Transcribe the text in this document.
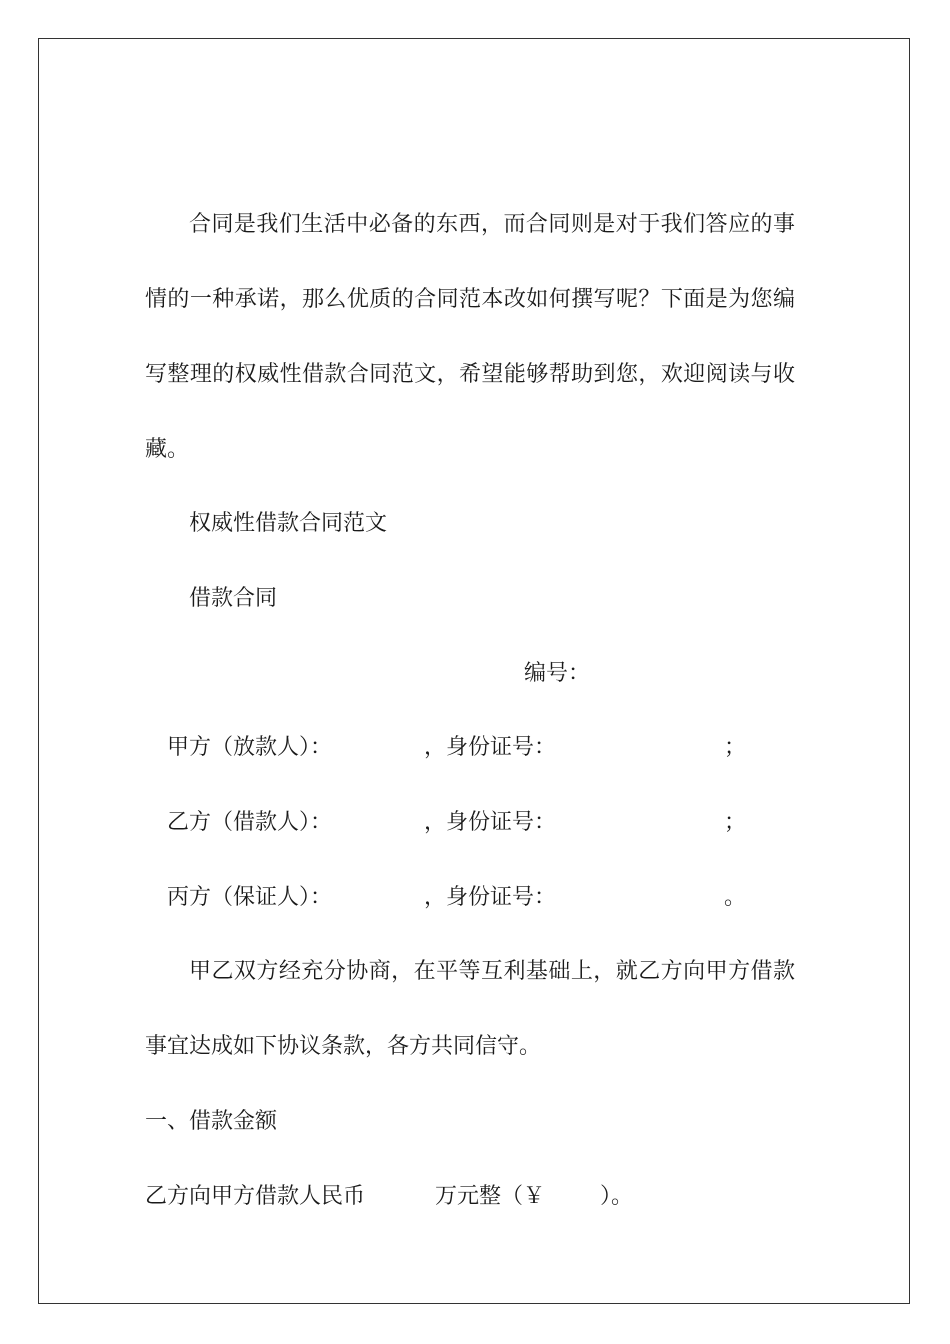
合同是我们生活中必备的东西，而合同则是对于我们答应的事
情的一种承诺，那么优质的合同范本改如何撰写呢？下面是为您编
写整理的权威性借款合同范文，希望能够帮助到您，欢迎阅读与收
藏。
权威性借款合同范文
借款合同
编号：
甲方（放款人）：	，身份证号：	；
乙方（借款人）：	，身份证号：	；
丙方（保证人）：	，身份证号：	。
甲乙双方经充分协商，在平等互利基础上，就乙方向甲方借款
事宜达成如下协议条款，各方共同信守。
一、借款金额
乙方向甲方借款人民币	万元整（￥ ）。
